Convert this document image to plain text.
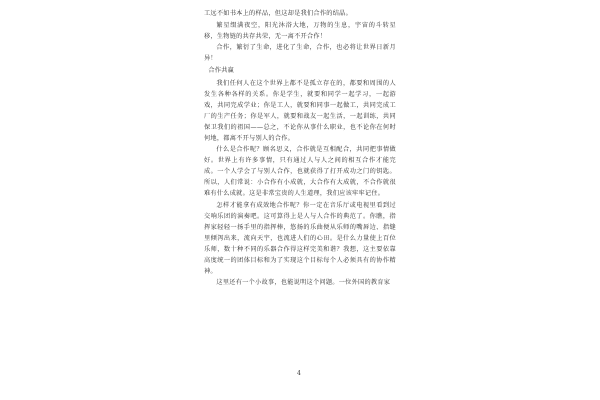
工远不如书本上的样品，但这却是我们合作的结晶。

繁星缀满夜空，阳光沐浴大地，万物的生息，宇宙的斗转星移，生物链的共存共荣，无一离不开合作！

合作，繁衍了生命，进化了生命，合作，也必将让世界日新月异！

合作共赢

我们任何人在这个世界上都不是孤立存在的，都要和周围的人发生各种各样的关系。你是学生，就要和同学一起学习，一起游戏，共同完成学业；你是工人，就要和同事一起做工，共同完成工厂的生产任务；你是军人，就要和战友一起生活，一起训练，共同保卫我们的祖国——总之，不论你从事什么职业，也不论你在何时何地，都离不开与别人的合作。

什么是合作呢？顾名思义，合作就是互相配合，共同把事情做好。世界上有许多事情，只有通过人与人之间的相互合作才能完成。一个人学会了与别人合作，也就获得了打开成功之门的钥匙。所以，人们常说：小合作有小成就，大合作有大成就，不合作就很难有什么成就。这是非常宝贵的人生道理，我们应该牢牢记住。

怎样才能拿有成效地合作呢？你一定在音乐厅或电视里看到过交响乐团的演奏吧。这可算得上是人与人合作的典范了。你瞧，指挥家轻轻一扬手里的指挥棒，悠扬的乐曲便从乐师的嘴唇边、指缝里倾泻出来，流向天宇，也流进人们的心田。是什么力量使上百位乐师，数十种不同的乐器合作得这样完美和谐？我想，这主要依靠高度统一的团体目标和为了实现这个目标每个人必须具有的协作精神。

这里还有一个小故事，也能说明这个问题。一位外国的教育家

4
